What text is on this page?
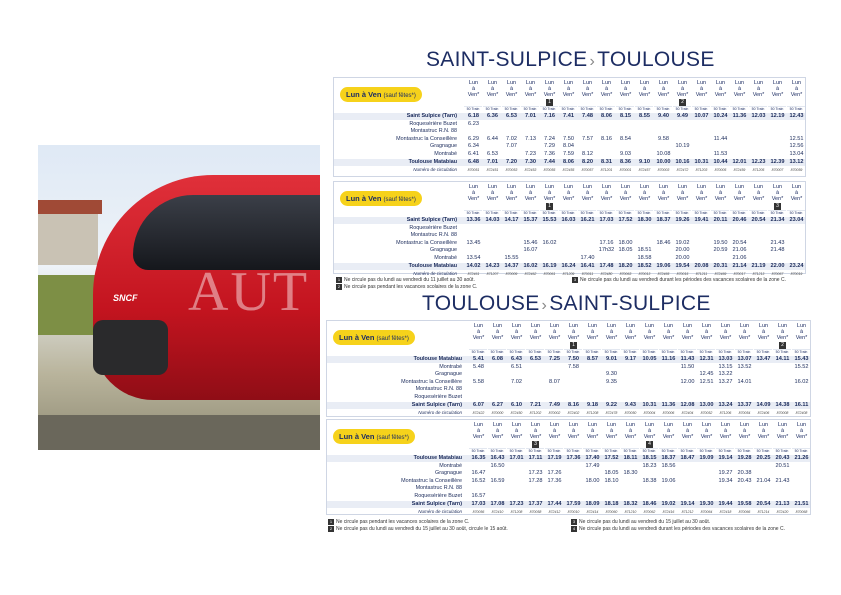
SNCF AUT
SAINT-SULPICE ›TOULOUSE
TOULOUSE ›SAINT-SULPICE
Lun à Ven (sauf fêtes*)
Saint Sulpice (Tarn)
Roquesérière Buzet
Montastruc R.N. 88
Montastruc la Conseillère
Gragnague
Montrabé
Toulouse Matabiau
Numéro de circulation
Lun
à
Ven*
50 Train
6.18
6.23
6.29
6.34
6.41
6.48
870051
Lun
à
Ven*
50 Train
6.36
6.44
6.53
7.01
872451
Lun
à
Ven*
50 Train
6.53
7.02
7.07
7.20
870053
Lun
à
Ven*
50 Train
7.01
7.13
7.23
7.30
872453
Lun
à
Ven*
50 Train
1
7.16
7.24
7.29
7.36
7.44
870055
Lun
à
Ven*
50 Train
7.41
7.50
8.04
7.59
8.06
872455
Lun
à
Ven*
50 Train
7.48
7.57
8.12
8.20
870057
Lun
à
Ven*
50 Train
8.06
8.16
8.31
871201
Lun
à
Ven*
50 Train
8.15
8.54
9.03
8.36
870001
Lun
à
Ven*
50 Train
8.55
9.10
872457
Lun
à
Ven*
50 Train
9.40
9.58
10.08
10.00
870003
Lun
à
Ven*
50 Train
2
9.49
10.19
10.16
872472
Lun
à
Ven*
50 Train
10.07
10.31
871203
Lun
à
Ven*
50 Train
10.24
11.44
11.53
10.44
870005
Lun
à
Ven*
50 Train
11.36
12.01
872459
Lun
à
Ven*
50 Train
12.03
12.23
871205
Lun
à
Ven*
50 Train
12.19
12.39
870007
Lun
à
Ven*
50 Train
12.43
12.51
12.56
13.04
13.12
870059
Lun à Ven (sauf fêtes*)
Saint Sulpice (Tarn)
Roquesérière Buzet
Montastruc R.N. 88
Montastruc la Conseillère
Gragnague
Montrabé
Toulouse Matabiau
Numéro de circulation
Lun
à
Ven*
50 Train
13.36
13.45
13.54
14.02
872461
Lun
à
Ven*
50 Train
14.03
14.23
871207
Lun
à
Ven*
50 Train
14.17
15.55
14.37
870009
Lun
à
Ven*
50 Train
15.37
15.46
16.07
16.02
872462
Lun
à
Ven*
50 Train
1
15.53
16.02
16.19
870061
Lun
à
Ven*
50 Train
16.03
16.24
871209
Lun
à
Ven*
50 Train
16.21
17.40
16.41
870011
Lun
à
Ven*
50 Train
17.03
17.16
17h32
17.48
872480
Lun
à
Ven*
50 Train
17.52
18.00
18.05
18.20
870063
Lun
à
Ven*
50 Train
18.30
18.51
18.58
18.52
870013
Lun
à
Ven*
50 Train
18.37
18.46
19.06
872465
Lun
à
Ven*
50 Train
19.26
19.02
20.00
20.00
19.54
870015
Lun
à
Ven*
50 Train
19.41
20.08
871211
Lun
à
Ven*
50 Train
20.11
19.50
20.59
20.31
872469
Lun
à
Ven*
50 Train
20.46
20.54
21.06
21.06
21.14
870017
Lun
à
Ven*
50 Train
20.54
21.19
871213
Lun
à
Ven*
50 Train
3
21.34
21.43
21.48
22.00
870067
Lun
à
Ven*
50 Train
23.04
23.24
870019
Lun à Ven (sauf fêtes*)
Toulouse Matabiau
Montrabé
Gragnague
Montastruc la Conseillère
Montastruc R.N. 88
Roquesérière Buzet
Saint Sulpice (Tarn)
Numéro de circulation
Lun
à
Ven*
50 Train
5.41
5.48
5.58
6.07
872422
Lun
à
Ven*
50 Train
6.08
6.27
870000
Lun
à
Ven*
50 Train
6.43
6.51
7.02
6.10
872450
Lun
à
Ven*
50 Train
6.53
7.21
871202
Lun
à
Ven*
50 Train
7.25
8.07
7.49
870002
Lun
à
Ven*
50 Train
1
7.50
7.58
8.16
872402
Lun
à
Ven*
50 Train
8.57
9.18
871208
Lun
à
Ven*
50 Train
9.01
9.30
9.35
9.22
872478
Lun
à
Ven*
50 Train
9.17
9.43
870050
Lun
à
Ven*
50 Train
10.05
10.31
870004
Lun
à
Ven*
50 Train
11.16
11.36
870006
Lun
à
Ven*
50 Train
11.43
11.50
12.00
12.08
872404
Lun
à
Ven*
50 Train
12.31
12.45
12.51
13.00
870052
Lun
à
Ven*
50 Train
13.03
13.15
13.22
13.27
13.24
871206
Lun
à
Ven*
50 Train
13.07
13.52
14.01
13.37
870054
Lun
à
Ven*
50 Train
13.47
14.09
872406
Lun
à
Ven*
50 Train
2
14.11
14.38
870008
Lun
à
Ven*
50 Train
15.43
15.52
16.02
16.11
872408
Lun à Ven (sauf fêtes*)
Toulouse Matabiau
Montrabé
Gragnague
Montastruc la Conseillère
Montastruc R.N. 88
Roquesérière Buzet
Saint Sulpice (Tarn)
Numéro de circulation
Lun
à
Ven*
50 Train
16.35
16.47
16.52
16.57
17.03
870056
Lun
à
Ven*
50 Train
16.43
16.50
16.59
17.08
872410
Lun
à
Ven*
50 Train
17.01
17.23
871208
Lun
à
Ven*
50 Train
3
17.11
17.23
17.28
17.37
870058
Lun
à
Ven*
50 Train
17.19
17.26
17.36
17.44
872412
Lun
à
Ven*
50 Train
17.36
17.59
870010
Lun
à
Ven*
50 Train
17.40
17.49
18.00
18.09
872414
Lun
à
Ven*
50 Train
17.52
18.05
18.10
18.18
870060
Lun
à
Ven*
50 Train
18.11
18.30
18.32
871210
Lun
à
Ven*
50 Train
4
18.15
18.23
18.38
18.46
870062
Lun
à
Ven*
50 Train
18.37
18.56
19.06
19.02
872416
Lun
à
Ven*
50 Train
18.47
19.14
871212
Lun
à
Ven*
50 Train
19.09
19.30
870064
Lun
à
Ven*
50 Train
19.14
19.27
19.34
19.44
872418
Lun
à
Ven*
50 Train
19.28
20.38
20.43
19.58
870066
Lun
à
Ven*
50 Train
20.25
21.04
20.54
871214
Lun
à
Ven*
50 Train
20.43
20.51
21.43
21.13
872420
Lun
à
Ven*
50 Train
21.26
21.51
870068
1 Ne circule pas du lundi au vendredi du 11 juillet au 30 août.
2 Ne circule pas pendant les vacances scolaires de la zone C.
3 Ne circule pas du lundi au vendredi durant les périodes des vacances scolaires de la zone C.
1 Ne circule pas pendant les vacances scolaires de la zone C.
2 Ne circule pas du lundi au vendredi du 15 juillet au 30 août, circule le 15 août.
3 Ne circule pas du lundi au vendredi du 15 juillet au 30 août.
4 Ne circule pas du lundi au vendredi durant les périodes des vacances scolaires de la zone C.
